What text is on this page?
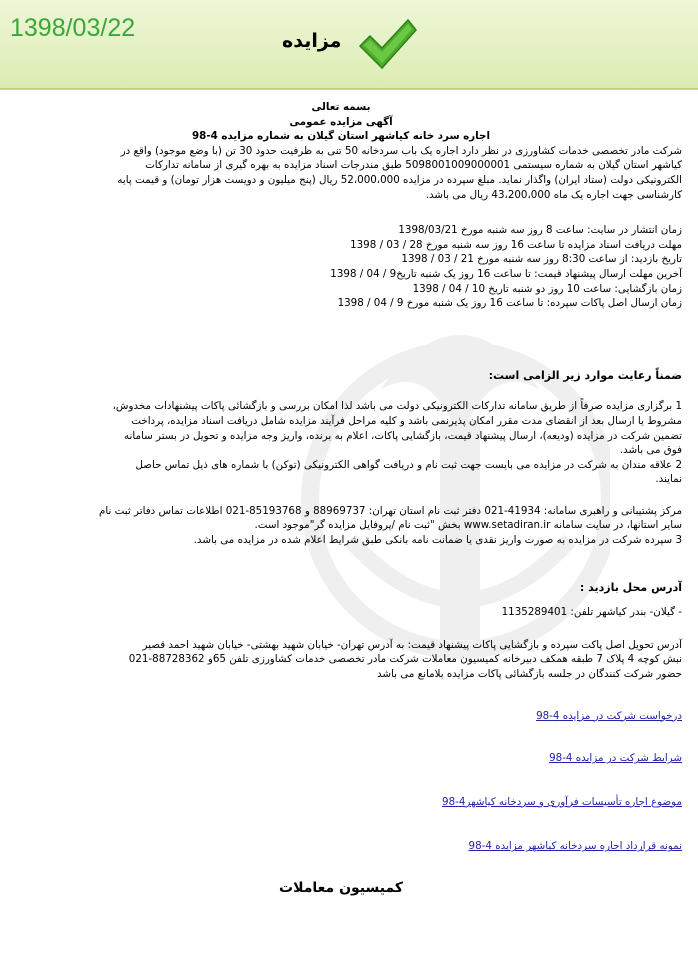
1398/03/22	مزایده

بسمه تعالی

آگهی مزایده عمومی

اجاره سرد خانه کیاشهر استان گیلان به شماره مزایده 4-98

شرکت مادر تخصصی خدمات کشاورزی در نظر دارد اجاره یک باب سردخانه 50 تنی به ظرفیت حدود 30 تن (با وضع موجود) واقع در

کیاشهر استان گیلان به شماره سیستمی 5098001009000001 طبق مندرجات اسناد مزایده به بهره گیری از سامانه تدارکات

الکترونیکی دولت (ستاد ایران) واگذار نماید. مبلغ سپرده در مزایده 52،000،000 ریال (پنج میلیون و دویست هزار تومان) و قیمت پایه

کارشناسی جهت اجاره یک ماه 43،200،000 ریال می باشد.

زمان انتشار در سایت: ساعت 8 روز سه شنبه مورخ 1398/03/21

مهلت دریافت اسناد مزایده تا ساعت 16 روز سه شنبه مورخ 28 / 03 / 1398

تاریخ بازدید: از ساعت 8:30 روز سه شنبه مورخ 21 / 03 / 1398

آخرین مهلت ارسال پیشنهاد قیمت: تا ساعت 16 روز یک شنبه تاریخ9 / 04 / 1398

زمان بازگشایی: ساعت 10 روز دو شنبه تاریخ 10 / 04 / 1398

زمان ارسال اصل پاکات سپرده: تا ساعت 16 روز یک شنبه مورخ 9 / 04 / 1398

ضمناً رعایت موارد زیر الزامی است:

1 برگزاری مزایده صرفاً از طریق سامانه تدارکات الکترونیکی دولت می باشد لذا امکان بررسی و بازگشائی پاکات پیشنهادات مخدوش،

مشروط یا ارسال بعد از انقضای مدت مقرر امکان پذیرنمی باشد و کلیه مراحل فرآیند مزایده شامل دریافت اسناد مزایده، پرداخت

تضمین شرکت در مزایده (ودیعه)، ارسال پیشنهاد قیمت، بازگشایی پاکات، اعلام به برنده، واریز وجه مزایده و تحویل در بستر سامانه

فوق می باشد.

2 علاقه مندان به شرکت در مزایده می بایست جهت ثبت نام و دریافت گواهی الکترونیکی (توکن) با شماره های ذیل تماس حاصل

نمایند.

مرکز پشتیبانی و راهبری سامانه: 41934-021 دفتر ثبت نام استان تهران: 88969737 و 85193768-021 اطلاعات تماس دفاتر ثبت نام

سایر استانها، در سایت سامانه www.setadiran.ir بخش "ثبت نام /پروفایل مزایده گر"موجود است.

3 سپرده شرکت در مزایده به صورت واریز نقدی یا ضمانت نامه بانکی طبق شرایط اعلام شده در مزایده می باشد.

آدرس محل بازدید :

- گیلان- بندر کیاشهر تلفن: 1135289401

آدرس تحویل اصل پاکت سپرده و بازگشایی پاکات پیشنهاد قیمت: به آدرس تهران- خیابان شهید بهشتی- خیابان شهید احمد قصیر

نبش کوچه 4 پلاک 7 طبقه همکف دبیرخانه کمیسیون معاملات شرکت مادر تخصصی خدمات کشاورزی تلفن 65و 88728362-021

حضور شرکت کنندگان در جلسه بازگشائی پاکات مزایده بلامانع می باشد

درخواست شرکت در مزایده 4-98

شرایط شرکت در مزایده 4-98

موضوع اجاره تأسیسات فرآوری و سردخانه کیاشهر4-98

نمونه قرارداد اجاره سردخانه کیاشهر مزایده 4-98

کمیسیون معاملات
